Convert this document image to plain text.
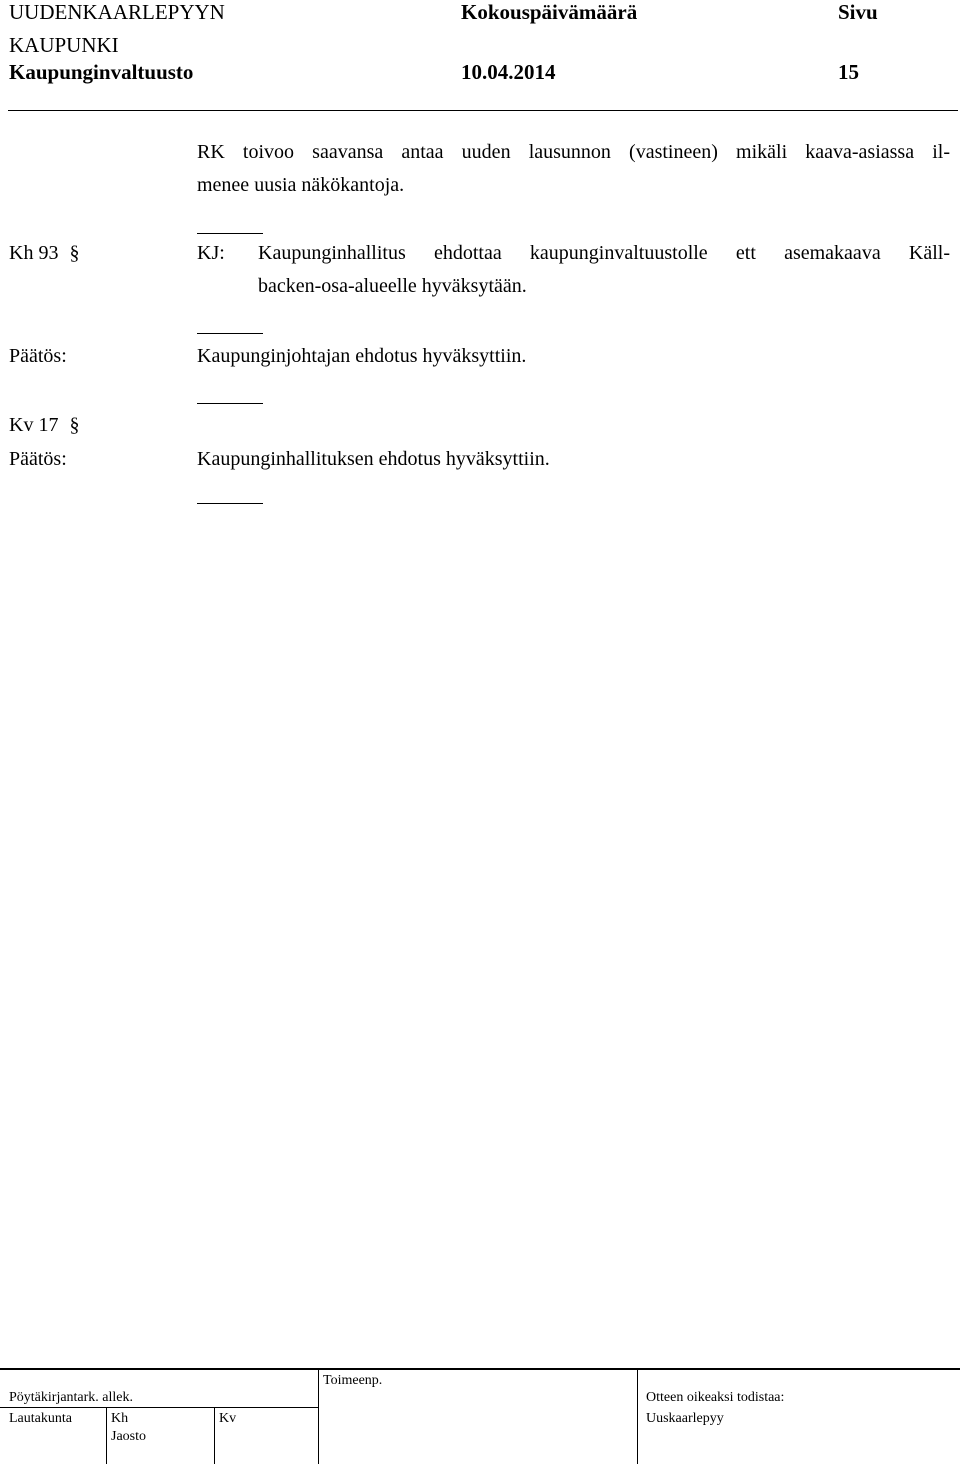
UUDENKAARLEPYYN
KAUPUNKI
Kaupunginvaltuusto
Kokouspäivämäärä
10.04.2014
Sivu
15
RK toivoo saavansa antaa uuden lausunnon (vastineen) mikäli kaava-asiassa il-
menee uusia näkökantoja.
Kh 93 §	KJ: Kaupunginhallitus ehdottaa kaupunginvaltuustolle ett asemakaava Käll-
backen-osa-alueelle hyväksytään.
Päätös:	Kaupunginjohtajan ehdotus hyväksyttiin.
Kv 17 §
Päätös:	Kaupunginhallituksen ehdotus hyväksyttiin.
Toimeenp.
Pöytäkirjantark. allek.
Lautakunta	Kh
Jaosto
Kv
Otteen oikeaksi todistaa:
Uuskaarlepyy
